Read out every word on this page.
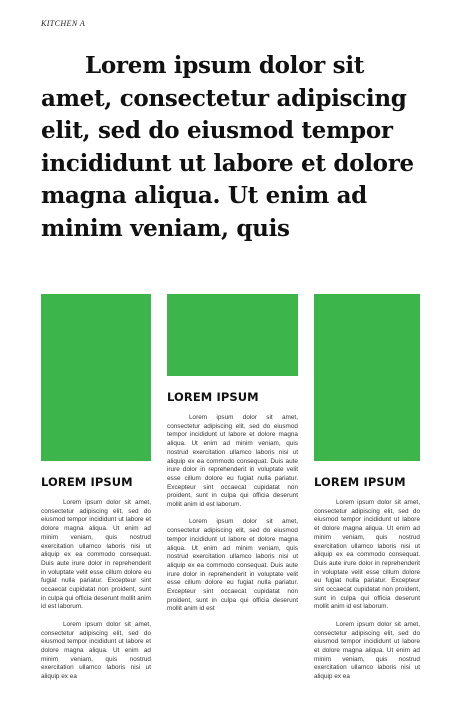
KITCHEN A
Lorem ipsum dolor sit amet, consectetur adipiscing elit, sed do eiusmod tempor incididunt ut labore et dolore magna aliqua. Ut enim ad minim veniam, quis
LOREM IPSUM

Lorem ipsum dolor sit amet, consectetur adipiscing elit, sed do eiusmod tempor incididunt ut labore et dolore magna aliqua. Ut enim ad minim veniam, quis nostrud exercitation ullamco laboris nisi ut aliquip ex ea commodo consequat. Duis aute irure dolor in reprehenderit in voluptate velit esse cillum dolore eu fugiat nulla pariatur. Excepteur sint occaecat cupidatat non proident, sunt in culpa qui officia deserunt mollit anim id est laborum.

Lorem ipsum dolor sit amet, consectetur adipiscing elit, sed do eiusmod tempor incididunt ut labore et dolore magna aliqua. Ut enim ad minim veniam, quis nostrud exercitation ullamco laboris nisi ut aliquip ex ea

LOREM IPSUM

Lorem ipsum dolor sit amet, consectetur adipiscing elit, sed do eiusmod tempor incididunt ut labore et dolore magna aliqua. Ut enim ad minim veniam, quis nostrud exercitation ullamco laboris nisi ut aliquip ex ea commodo consequat. Duis aute irure dolor in reprehenderit in voluptate velit esse cillum dolore eu fugiat nulla pariatur. Excepteur sint occaecat cupidatat non proident, sunt in culpa qui officia deserunt mollit anim id est laborum.

Lorem ipsum dolor sit amet, consectetur adipiscing elit, sed do eiusmod tempor incididunt ut labore et dolore magna aliqua. Ut enim ad minim veniam, quis nostrud exercitation ullamco laboris nisi ut aliquip ex ea commodo consequat. Duis aute irure dolor in reprehenderit in voluptate velit esse cillum dolore eu fugiat nulla pariatur. Excepteur sint occaecat cupidatat non proident, sunt in culpa qui officia deserunt mollit anim id est

LOREM IPSUM

Lorem ipsum dolor sit amet, consectetur adipiscing elit, sed do eiusmod tempor incididunt ut labore et dolore magna aliqua. Ut enim ad minim veniam, quis nostrud exercitation ullamco laboris nisi ut aliquip ex ea commodo consequat. Duis aute irure dolor in reprehenderit in voluptate velit esse cillum dolore eu fugiat nulla pariatur. Excepteur sint occaecat cupidatat non proident, sunt in culpa qui officia deserunt mollit anim id est laborum.

Lorem ipsum dolor sit amet, consectetur adipiscing elit, sed do eiusmod tempor incididunt ut labore et dolore magna aliqua. Ut enim ad minim veniam, quis nostrud exercitation ullamco laboris nisi ut aliquip ex ea
